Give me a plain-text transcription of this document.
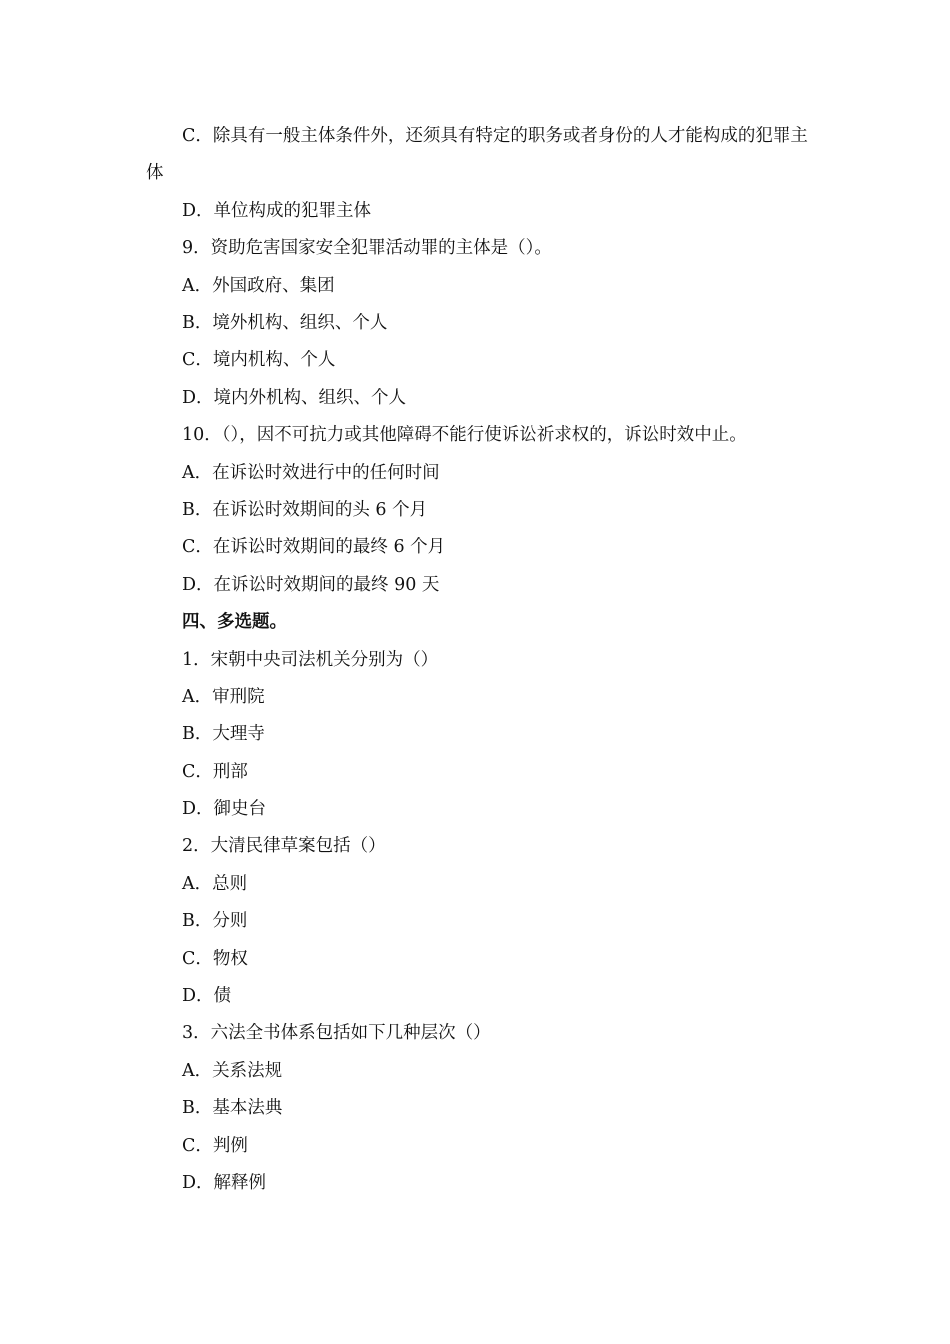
C．除具有一般主体条件外，还须具有特定的职务或者身份的人才能构成的犯罪主体
D．单位构成的犯罪主体
9．资助危害国家安全犯罪活动罪的主体是（）。
A．外国政府、集团
B．境外机构、组织、个人
C．境内机构、个人
D．境内外机构、组织、个人
10．（），因不可抗力或其他障碍不能行使诉讼祈求权的，诉讼时效中止。
A．在诉讼时效进行中的任何时间
B．在诉讼时效期间的头 6 个月
C．在诉讼时效期间的最终 6 个月
D．在诉讼时效期间的最终 90 天
四、多选题。
1．宋朝中央司法机关分别为（）
A．审刑院
B．大理寺
C．刑部
D．御史台
2．大清民律草案包括（）
A．总则
B．分则
C．物权
D．债
3．六法全书体系包括如下几种层次（）
A．关系法规
B．基本法典
C．判例
D．解释例
